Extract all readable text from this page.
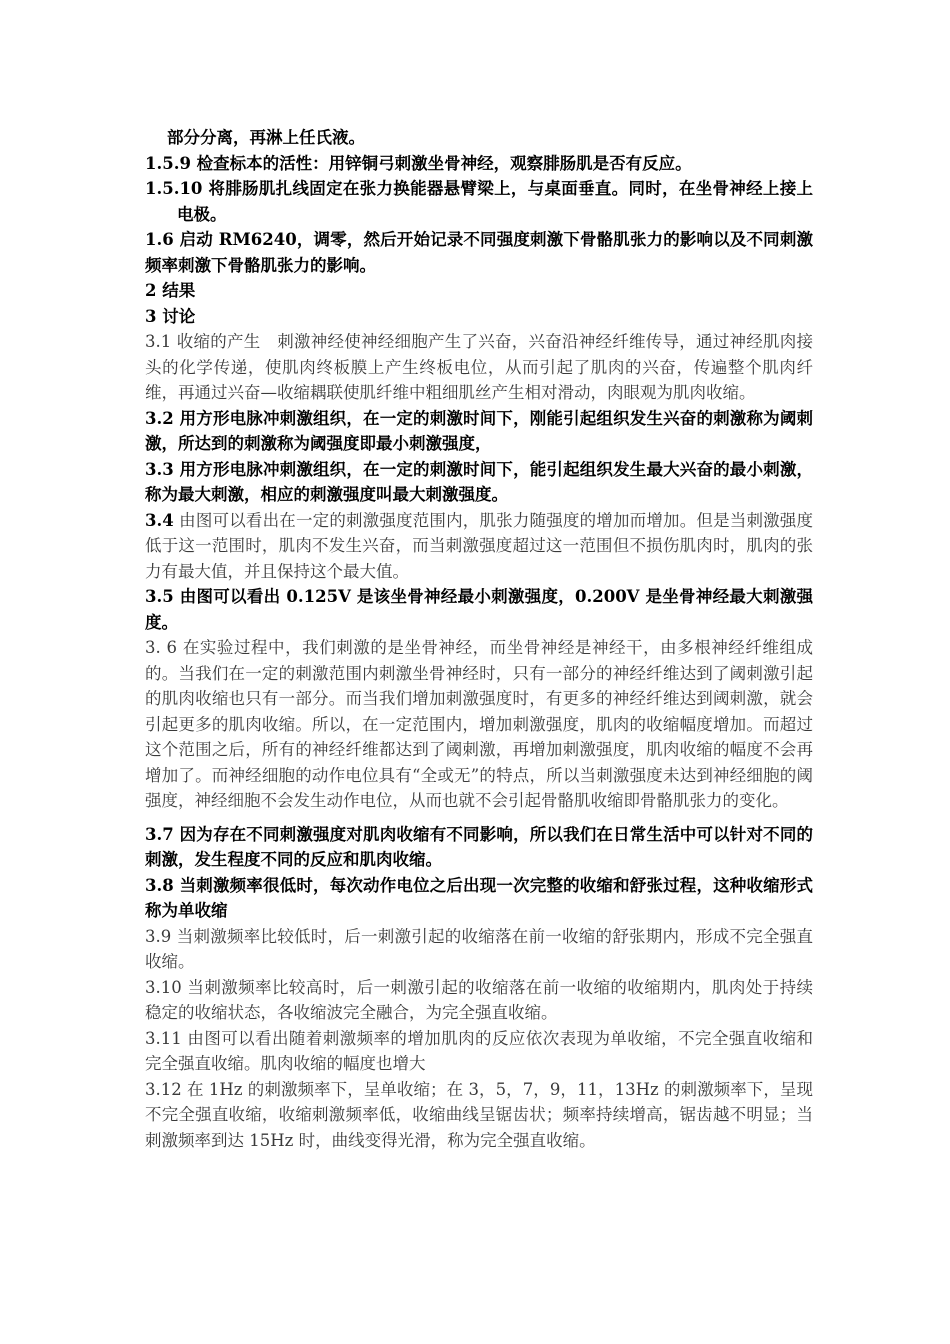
部分分离，再淋上任氏液。

1.5.9 检查标本的活性：用锌铜弓刺激坐骨神经，观察腓肠肌是否有反应。

1.5.10 将腓肠肌扎线固定在张力换能器悬臂梁上，与桌面垂直。同时，在坐骨神经上接上电极。

1.6 启动 RM6240，调零，然后开始记录不同强度刺激下骨骼肌张力的影响以及不同刺激频率刺激下骨骼肌张力的影响。

2 结果

3 讨论

3.1 收缩的产生　刺激神经使神经细胞产生了兴奋，兴奋沿神经纤维传导，通过神经肌肉接头的化学传递，使肌肉终板膜上产生终板电位，从而引起了肌肉的兴奋，传遍整个肌肉纤维，再通过兴奋—收缩耦联使肌纤维中粗细肌丝产生相对滑动，肉眼观为肌肉收缩。

3.2 用方形电脉冲刺激组织，在一定的刺激时间下，刚能引起组织发生兴奋的刺激称为阈刺激，所达到的刺激称为阈强度即最小刺激强度，

3.3 用方形电脉冲刺激组织，在一定的刺激时间下，能引起组织发生最大兴奋的最小刺激，称为最大刺激，相应的刺激强度叫最大刺激强度。

3.4 由图可以看出在一定的刺激强度范围内，肌张力随强度的增加而增加。但是当刺激强度低于这一范围时，肌肉不发生兴奋，而当刺激强度超过这一范围但不损伤肌肉时，肌肉的张力有最大值，并且保持这个最大值。

3.5 由图可以看出 0.125V 是该坐骨神经最小刺激强度，0.200V 是坐骨神经最大刺激强度。

3. 6 在实验过程中，我们刺激的是坐骨神经，而坐骨神经是神经干，由多根神经纤维组成的。当我们在一定的刺激范围内刺激坐骨神经时，只有一部分的神经纤维达到了阈刺激引起的肌肉收缩也只有一部分。而当我们增加刺激强度时，有更多的神经纤维达到阈刺激，就会引起更多的肌肉收缩。所以，在一定范围内，增加刺激强度，肌肉的收缩幅度增加。而超过这个范围之后，所有的神经纤维都达到了阈刺激，再增加刺激强度，肌肉收缩的幅度不会再增加了。而神经细胞的动作电位具有“全或无”的特点，所以当刺激强度未达到神经细胞的阈强度，神经细胞不会发生动作电位，从而也就不会引起骨骼肌收缩即骨骼肌张力的变化。

3.7 因为存在不同刺激强度对肌肉收缩有不同影响，所以我们在日常生活中可以针对不同的刺激，发生程度不同的反应和肌肉收缩。

3.8 当刺激频率很低时，每次动作电位之后出现一次完整的收缩和舒张过程，这种收缩形式称为单收缩

3.9 当刺激频率比较低时，后一刺激引起的收缩落在前一收缩的舒张期内，形成不完全强直收缩。

3.10 当刺激频率比较高时，后一刺激引起的收缩落在前一收缩的收缩期内，肌肉处于持续稳定的收缩状态，各收缩波完全融合，为完全强直收缩。

3.11 由图可以看出随着刺激频率的增加肌肉的反应依次表现为单收缩，不完全强直收缩和完全强直收缩。肌肉收缩的幅度也增大

3.12 在 1Hz 的刺激频率下，呈单收缩；在 3，5，7，9，11，13Hz 的刺激频率下，呈现不完全强直收缩，收缩刺激频率低，收缩曲线呈锯齿状；频率持续增高，锯齿越不明显；当刺激频率到达 15Hz 时，曲线变得光滑，称为完全强直收缩。
